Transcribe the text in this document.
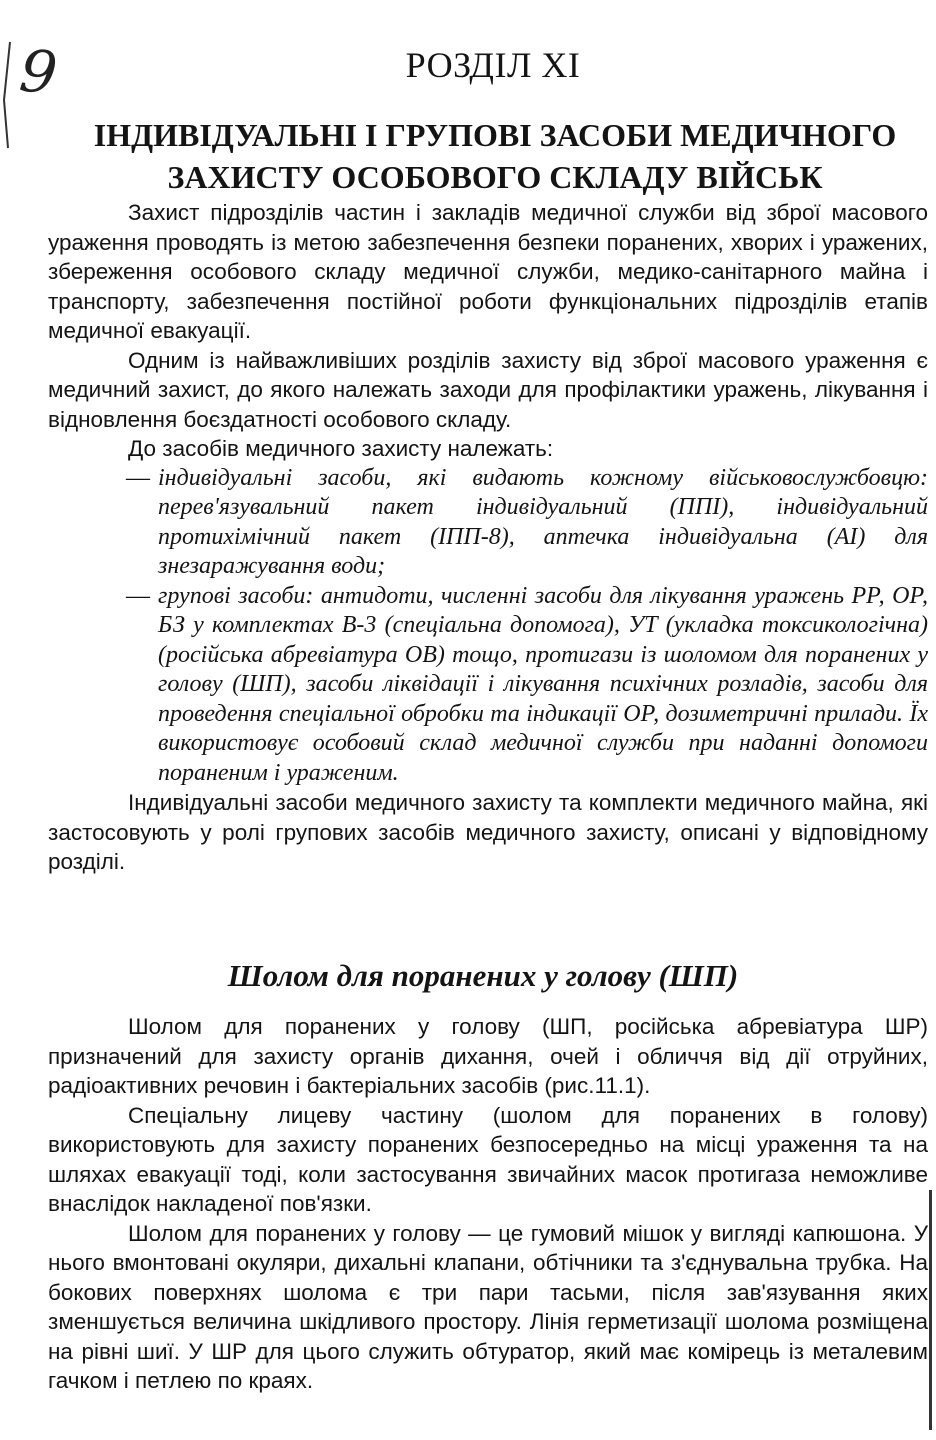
9	РОЗДІЛ XI
ІНДИВІДУАЛЬНІ І ГРУПОВІ ЗАСОБИ МЕДИЧНОГО ЗАХИСТУ ОСОБОВОГО СКЛАДУ ВІЙСЬК

Захист підрозділів частин і закладів медичної служби від зброї масового ураження проводять із метою забезпечення безпеки поранених, хворих і уражених, збереження особового складу медичної служби, медико-санітарного майна і транспорту, забезпечення постійної роботи функціональних підрозділів етапів медичної евакуації.

Одним із найважливіших розділів захисту від зброї масового ураження є медичний захист, до якого належать заходи для профілактики уражень, лікування і відновлення боєздатності особового складу.

До засобів медичного захисту належать:

— індивідуальні засоби, які видають кожному військовослужбовцю: перев'язувальний пакет індивідуальний (ППІ), індивідуальний протихімічний пакет (ІПП-8), аптечка індивідуальна (АІ) для знезаражування води;
— групові засоби: антидоти, численні засоби для лікування уражень РР, ОР, БЗ у комплектах В-3 (спеціальна допомога), УТ (укладка токсикологічна) (російська абревіатура ОВ) тощо, протигази із шоломом для поранених у голову (ШП), засоби ліквідації і лікування психічних розладів, засоби для проведення спеціальної обробки та індикації ОР, дозиметричні прилади. Їх використовує особовий склад медичної служби при наданні допомоги пораненим і ураженим.

Індивідуальні засоби медичного захисту та комплекти медичного майна, які застосовують у ролі групових засобів медичного захисту, описані у відповідному розділі.

Шолом для поранених у голову (ШП)

Шолом для поранених у голову (ШП, російська абревіатура ШР) призначений для захисту органів дихання, очей і обличчя від дії отруйних, радіоактивних речовин і бактеріальних засобів (рис.11.1).

Спеціальну лицеву частину (шолом для поранених в голову) використовують для захисту поранених безпосередньо на місці ураження та на шляхах евакуації тоді, коли застосування звичайних масок протигаза неможливе внаслідок накладеної пов'язки.

Шолом для поранених у голову — це гумовий мішок у вигляді капюшона. У нього вмонтовані окуляри, дихальні клапани, обтічники та з'єднувальна трубка. На бокових поверхнях шолома є три пари тасьми, після зав'язування яких зменшується величина шкідливого простору. Лінія герметизації шолома розміщена на рівні шиї. У ШР для цього служить обтуратор, який має комірець із металевим гачком і петлею по краях.
